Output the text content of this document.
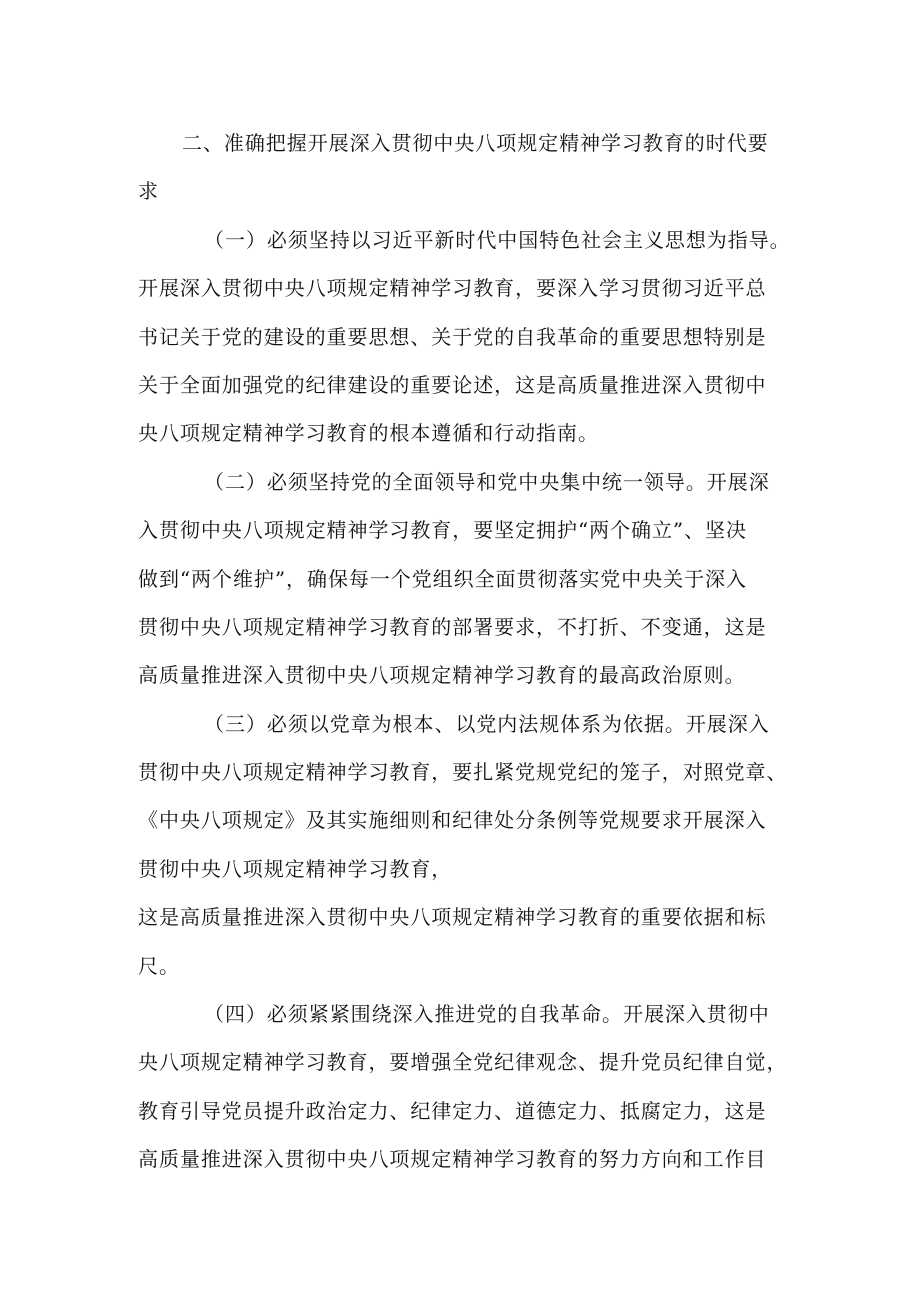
二、准确把握开展深入贯彻中央八项规定精神学习教育的时代要
求
（一）必须坚持以习近平新时代中国特色社会主义思想为指导。
开展深入贯彻中央八项规定精神学习教育，要深入学习贯彻习近平总
书记关于党的建设的重要思想、关于党的自我革命的重要思想特别是
关于全面加强党的纪律建设的重要论述，这是高质量推进深入贯彻中
央八项规定精神学习教育的根本遵循和行动指南。
（二）必须坚持党的全面领导和党中央集中统一领导。开展深
入贯彻中央八项规定精神学习教育，要坚定拥护“两个确立”、坚决
做到“两个维护”，确保每一个党组织全面贯彻落实党中央关于深入
贯彻中央八项规定精神学习教育的部署要求，不打折、不变通，这是
高质量推进深入贯彻中央八项规定精神学习教育的最高政治原则。
（三）必须以党章为根本、以党内法规体系为依据。开展深入
贯彻中央八项规定精神学习教育，要扎紧党规党纪的笼子，对照党章、
《中央八项规定》及其实施细则和纪律处分条例等党规要求开展深入
贯彻中央八项规定精神学习教育，
这是高质量推进深入贯彻中央八项规定精神学习教育的重要依据和标
尺。
（四）必须紧紧围绕深入推进党的自我革命。开展深入贯彻中
央八项规定精神学习教育，要增强全党纪律观念、提升党员纪律自觉，
教育引导党员提升政治定力、纪律定力、道德定力、抵腐定力，这是
高质量推进深入贯彻中央八项规定精神学习教育的努力方向和工作目
